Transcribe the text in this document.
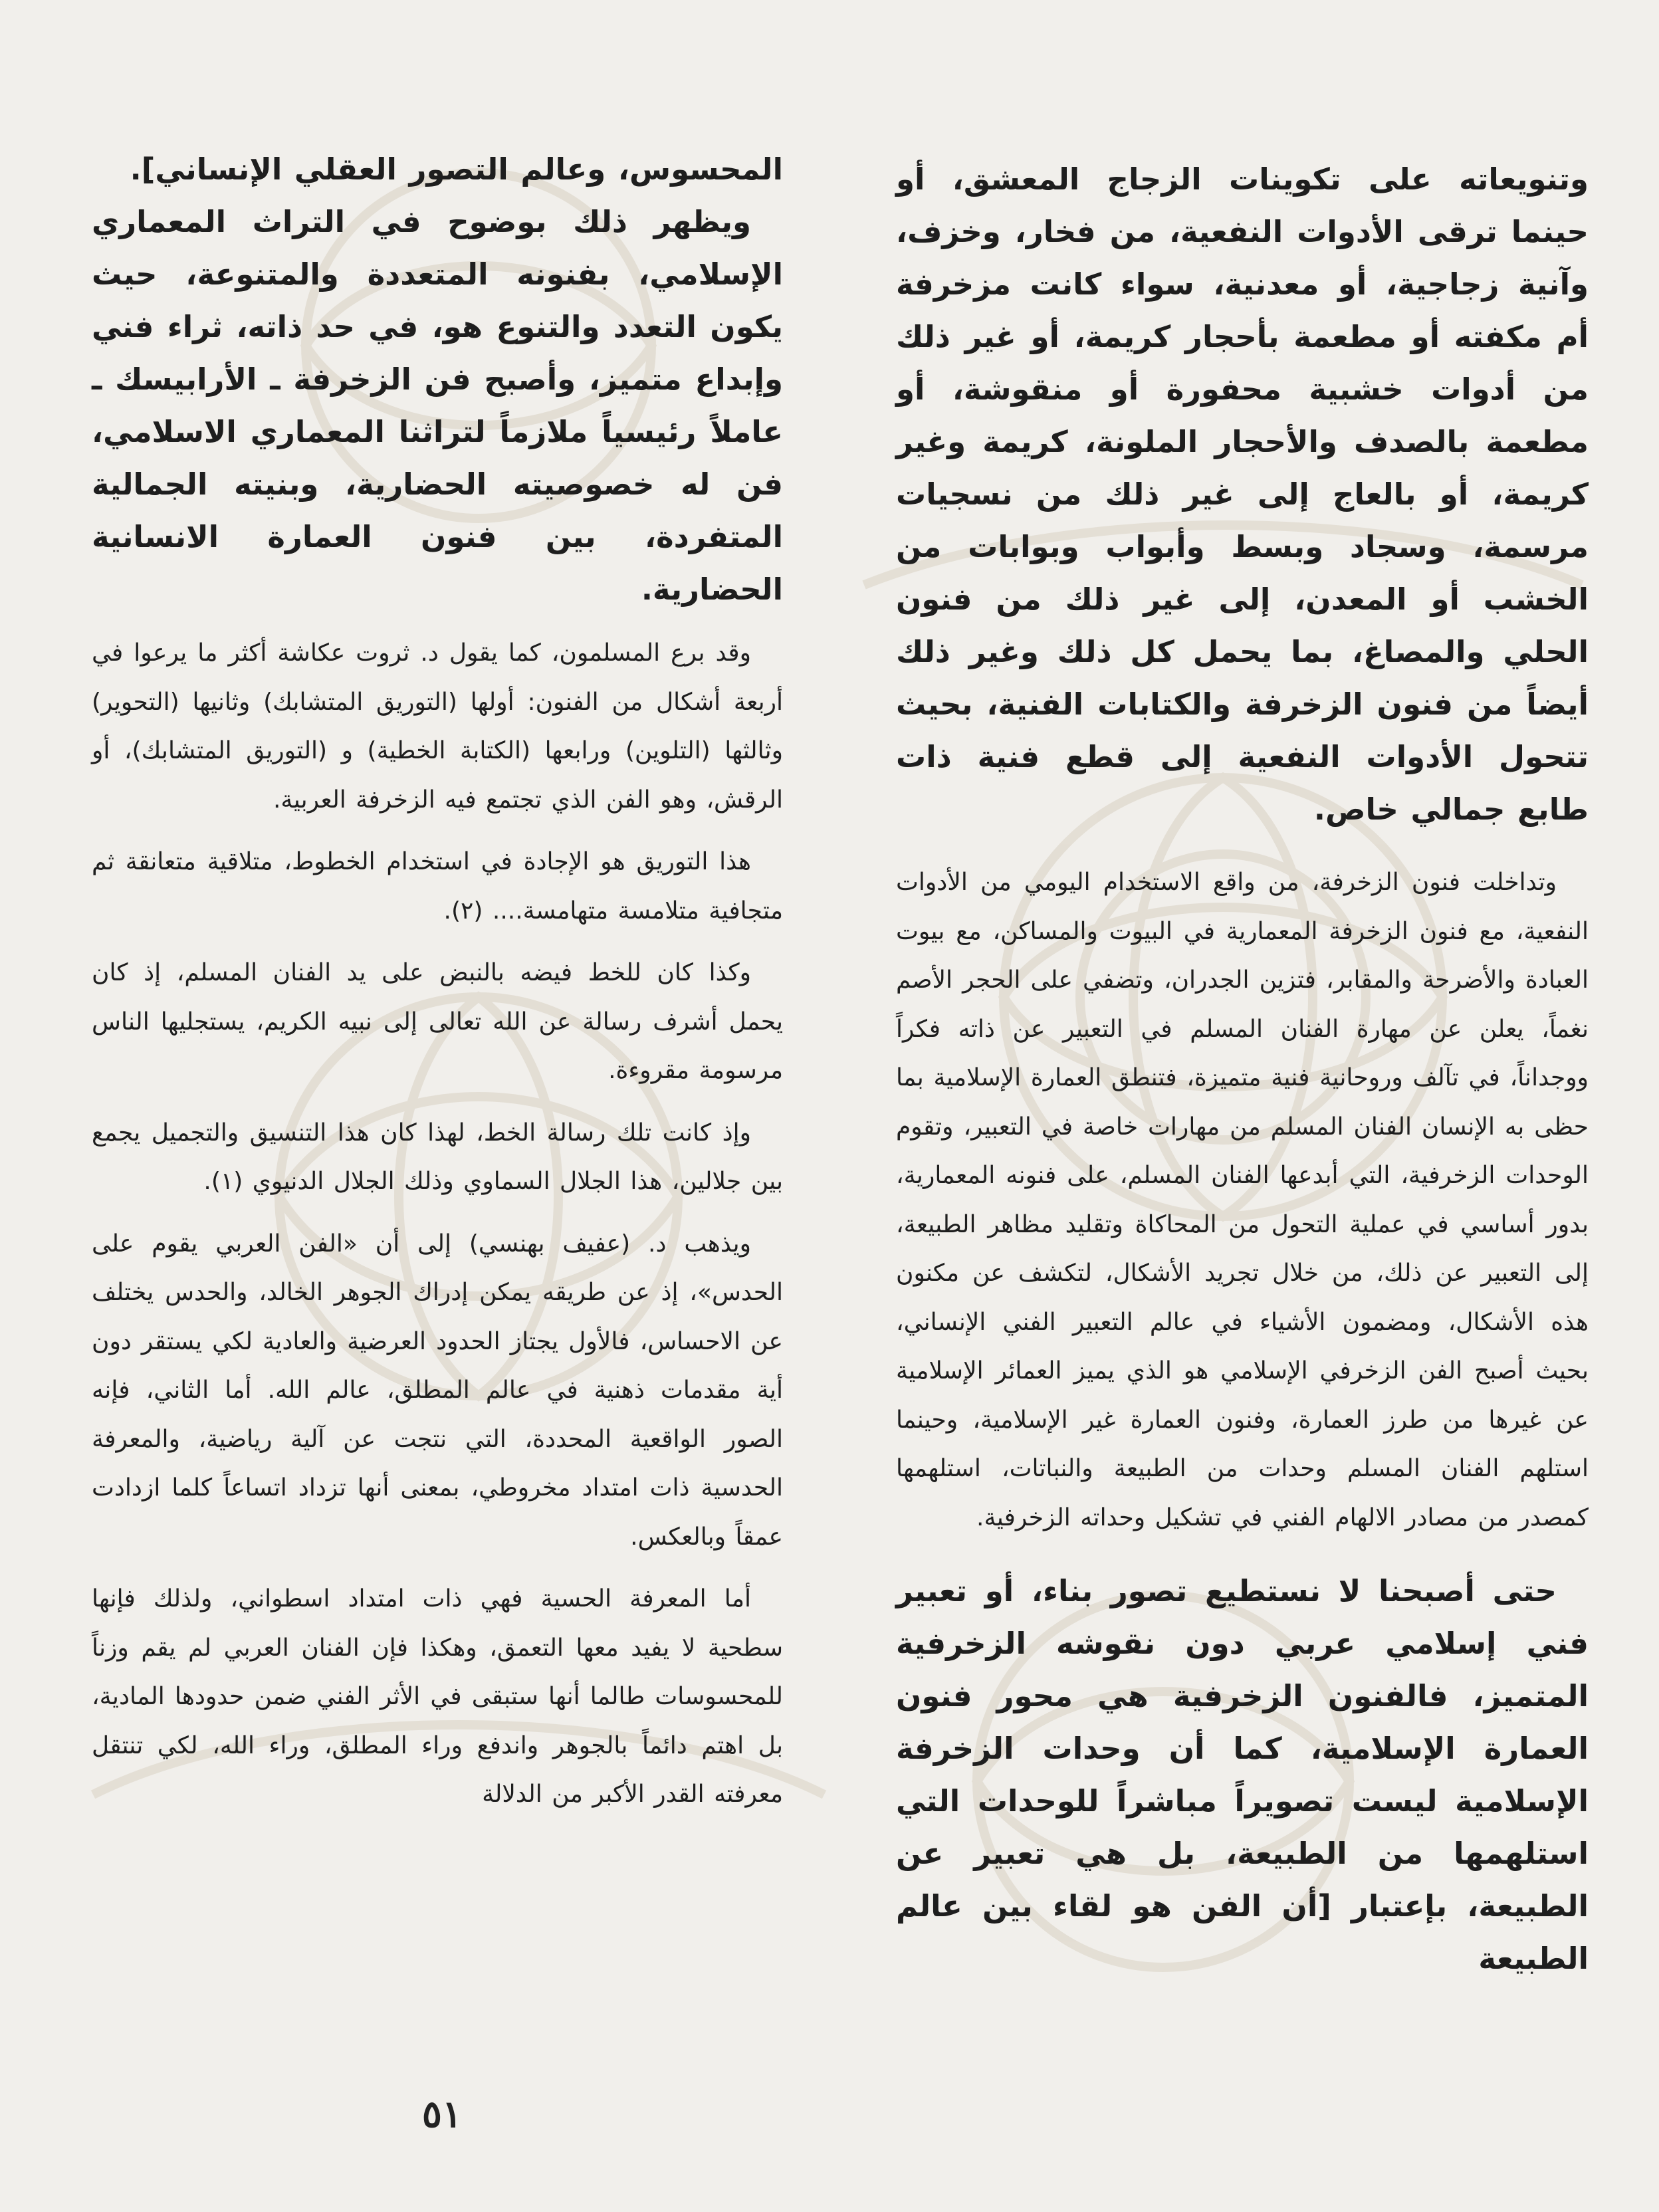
وتنويعاته على تكوينات الزجاج المعشق، أو حينما ترقى الأدوات النفعية، من فخار، وخزف، وآنية زجاجية، أو معدنية، سواء كانت مزخرفة أم مكفته أو مطعمة بأحجار كريمة، أو غير ذلك من أدوات خشبية محفورة أو منقوشة، أو مطعمة بالصدف والأحجار الملونة، كريمة وغير كريمة، أو بالعاج إلى غير ذلك من نسجيات مرسمة، وسجاد وبسط وأبواب وبوابات من الخشب أو المعدن، إلى غير ذلك من فنون الحلي والمصاغ، بما يحمل كل ذلك وغير ذلك أيضاً من فنون الزخرفة والكتابات الفنية، بحيث تتحول الأدوات النفعية إلى قطع فنية ذات طابع جمالي خاص.

وتداخلت فنون الزخرفة، من واقع الاستخدام اليومي من الأدوات النفعية، مع فنون الزخرفة المعمارية في البيوت والمساكن، مع بيوت العبادة والأضرحة والمقابر، فتزين الجدران، وتضفي على الحجر الأصم نغماً، يعلن عن مهارة الفنان المسلم في التعبير عن ذاته فكراً ووجداناً، في تآلف وروحانية فنية متميزة، فتنطق العمارة الإسلامية بما حظى به الإنسان الفنان المسلم من مهارات خاصة في التعبير، وتقوم الوحدات الزخرفية، التي أبدعها الفنان المسلم، على فنونه المعمارية، بدور أساسي في عملية التحول من المحاكاة وتقليد مظاهر الطبيعة، إلى التعبير عن ذلك، من خلال تجريد الأشكال، لتكشف عن مكنون هذه الأشكال، ومضمون الأشياء في عالم التعبير الفني الإنساني، بحيث أصبح الفن الزخرفي الإسلامي هو الذي يميز العمائر الإسلامية عن غيرها من طرز العمارة، وفنون العمارة غير الإسلامية، وحينما استلهم الفنان المسلم وحدات من الطبيعة والنباتات، استلهمها كمصدر من مصادر الالهام الفني في تشكيل وحداته الزخرفية.

حتى أصبحنا لا نستطيع تصور بناء، أو تعبير فني إسلامي عربي دون نقوشه الزخرفية المتميز، فالفنون الزخرفية هي محور فنون العمارة الإسلامية، كما أن وحدات الزخرفة الإسلامية ليست تصويراً مباشراً للوحدات التي استلهمها من الطبيعة، بل هي تعبير عن الطبيعة، بإعتبار [أن الفن هو لقاء بين عالم الطبيعة

المحسوس، وعالم التصور العقلي الإنساني].

ويظهر ذلك بوضوح في التراث المعماري الإسلامي، بفنونه المتعددة والمتنوعة، حيث يكون التعدد والتنوع هو، في حد ذاته، ثراء فني وإبداع متميز، وأصبح فن الزخرفة ـ الأرابيسك ـ عاملاً رئيسياً ملازماً لتراثنا المعماري الاسلامي، فن له خصوصيته الحضارية، وبنيته الجمالية المتفردة، بين فنون العمارة الانسانية الحضارية.

وقد برع المسلمون، كما يقول د. ثروت عكاشة أكثر ما يرعوا في أربعة أشكال من الفنون: أولها (التوريق المتشابك) وثانيها (التحوير) وثالثها (التلوين) ورابعها (الكتابة الخطية) و (التوريق المتشابك)، أو الرقش، وهو الفن الذي تجتمع فيه الزخرفة العربية.

هذا التوريق هو الإجادة في استخدام الخطوط، متلاقية متعانقة ثم متجافية متلامسة متهامسة.... (٢).

وكذا كان للخط فيضه بالنبض على يد الفنان المسلم، إذ كان يحمل أشرف رسالة عن الله تعالى إلى نبيه الكريم، يستجليها الناس مرسومة مقروءة.

وإذ كانت تلك رسالة الخط، لهذا كان هذا التنسيق والتجميل يجمع بين جلالين، هذا الجلال السماوي وذلك الجلال الدنيوي (١).

ويذهب د. (عفيف بهنسي) إلى أن «الفن العربي يقوم على الحدس»، إذ عن طريقه يمكن إدراك الجوهر الخالد، والحدس يختلف عن الاحساس، فالأول يجتاز الحدود العرضية والعادية لكي يستقر دون أية مقدمات ذهنية في عالم المطلق، عالم الله. أما الثاني، فإنه الصور الواقعية المحددة، التي نتجت عن آلية رياضية، والمعرفة الحدسية ذات امتداد مخروطي، بمعنى أنها تزداد اتساعاً كلما ازدادت عمقاً وبالعكس.

أما المعرفة الحسية فهي ذات امتداد اسطواني، ولذلك فإنها سطحية لا يفيد معها التعمق، وهكذا فإن الفنان العربي لم يقم وزناً للمحسوسات طالما أنها ستبقى في الأثر الفني ضمن حدودها المادية، بل اهتم دائماً بالجوهر واندفع وراء المطلق، وراء الله، لكي تنتقل معرفته القدر الأكبر من الدلالة

٥١
